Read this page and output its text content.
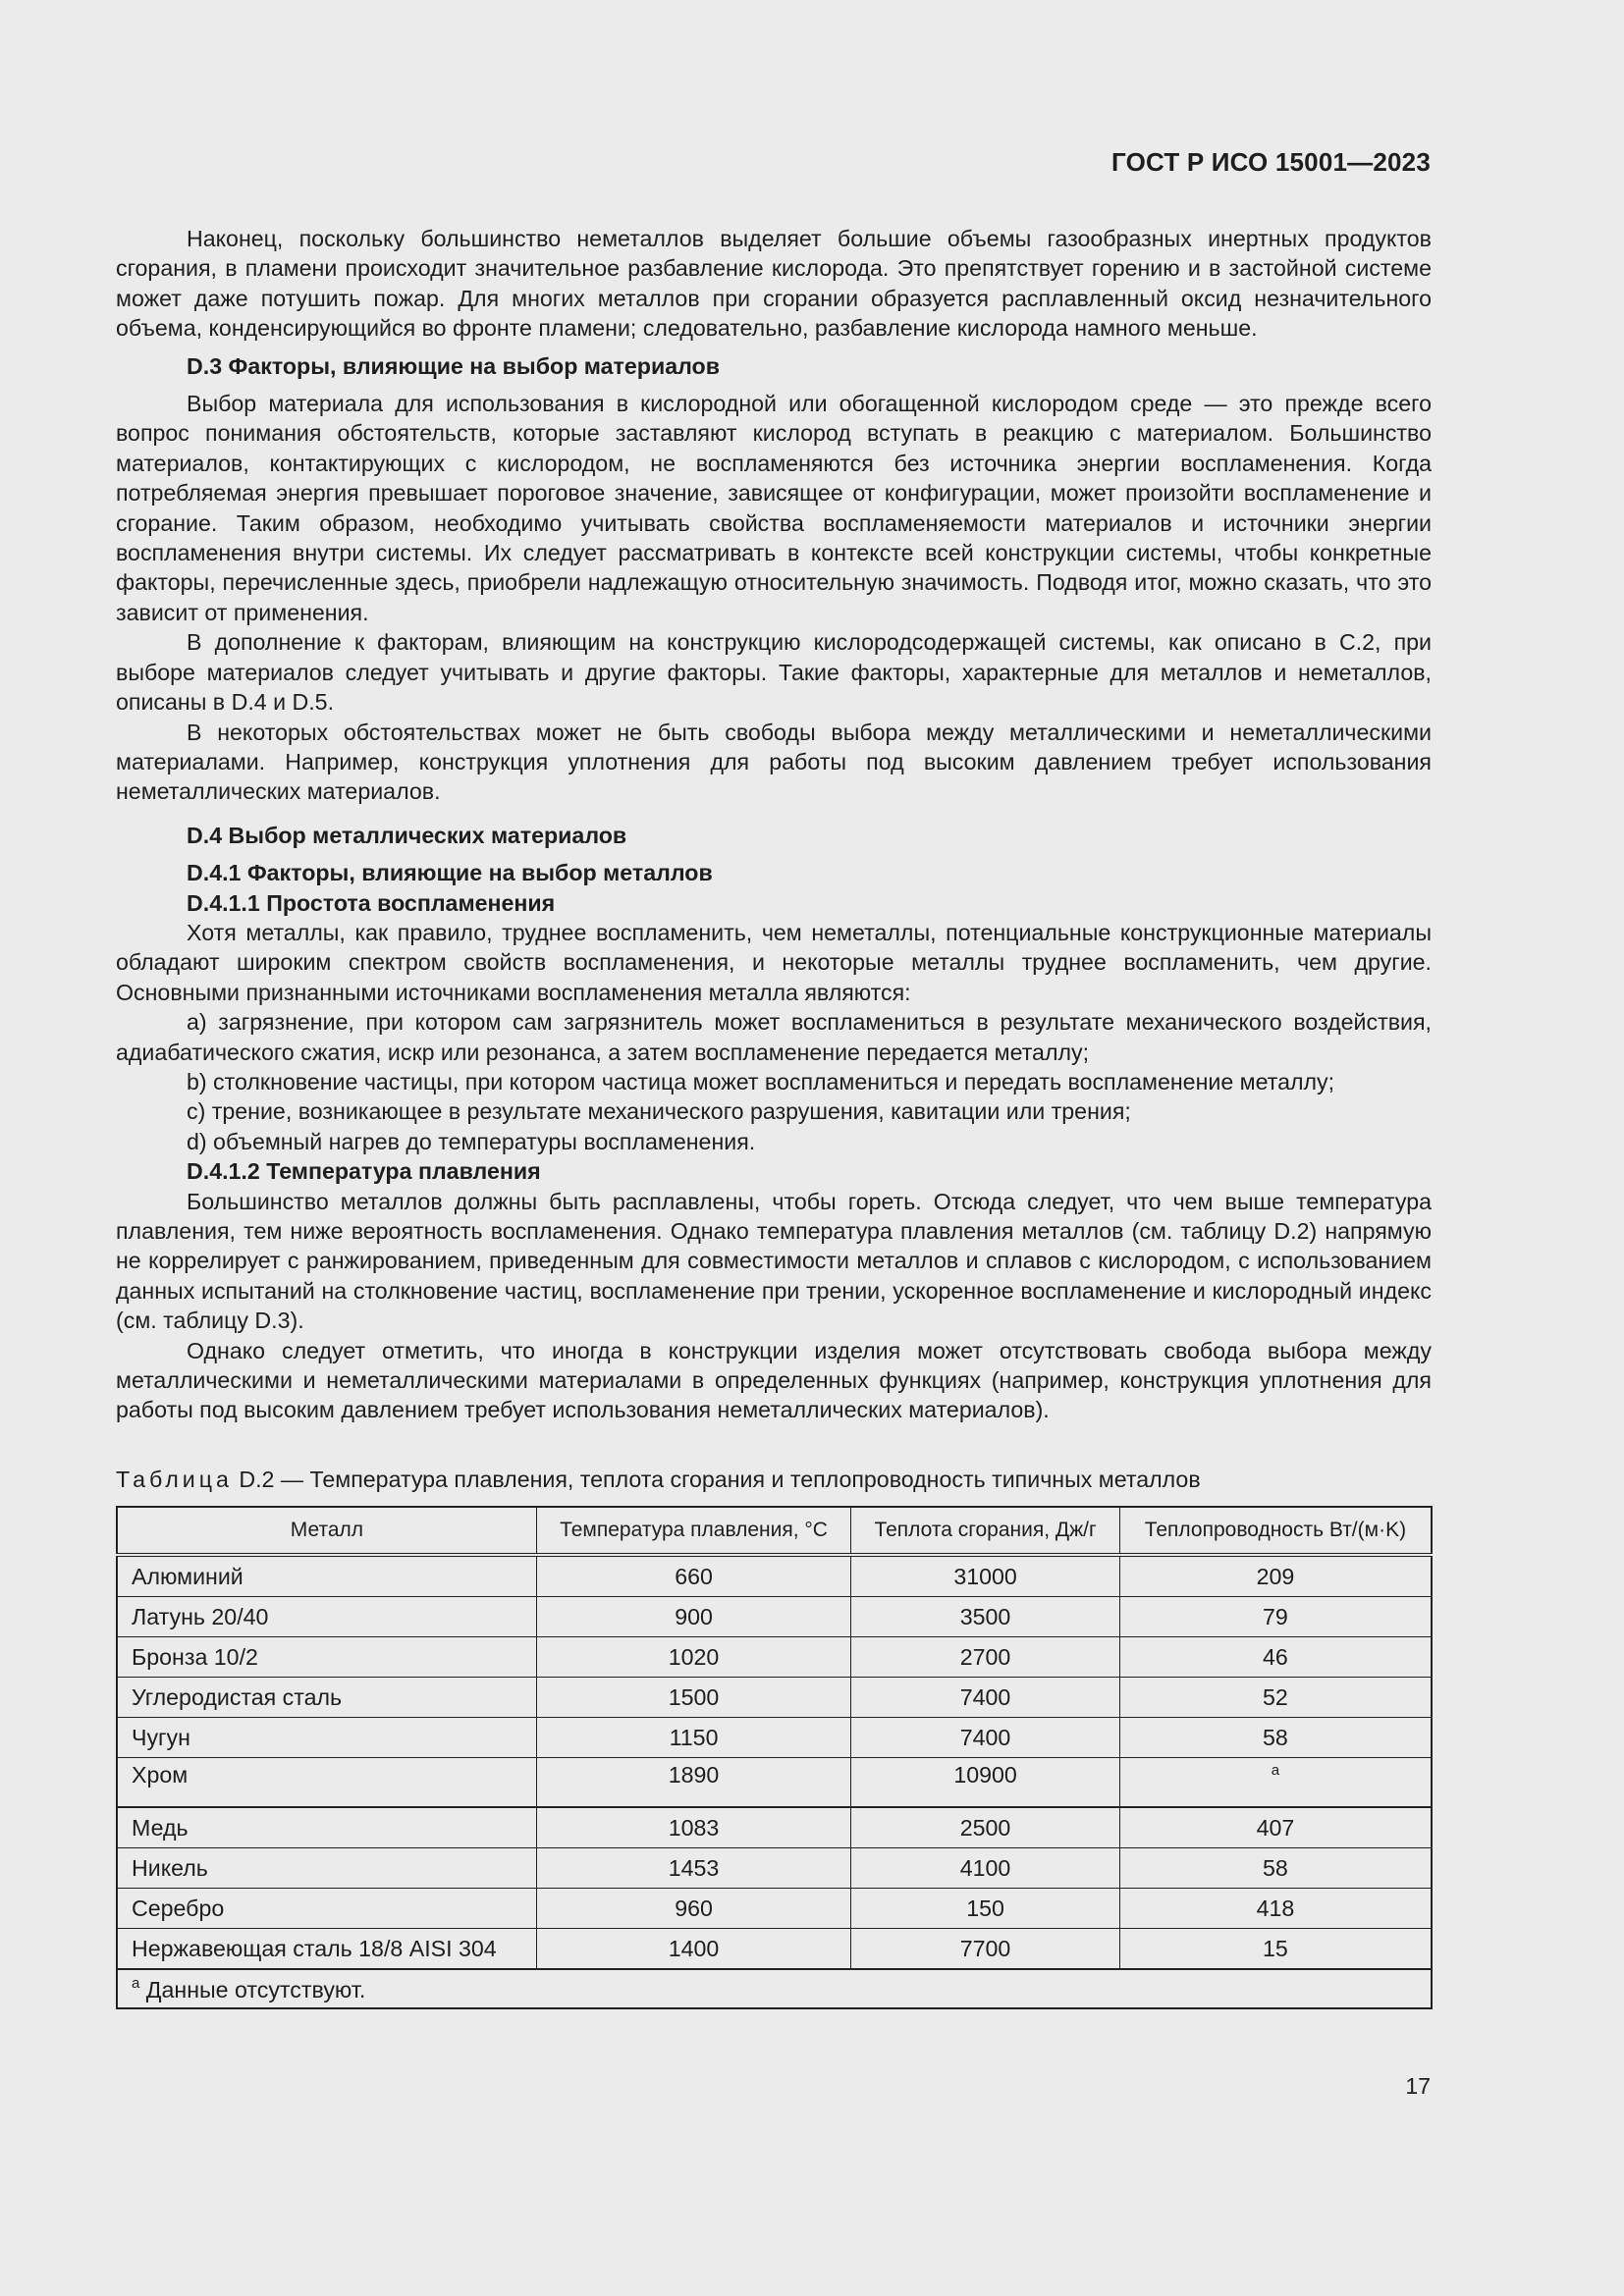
ГОСТ Р ИСО 15001—2023

Наконец, поскольку большинство неметаллов выделяет большие объемы газообразных инертных продуктов сгорания, в пламени происходит значительное разбавление кислорода. Это препятствует горению и в застойной системе может даже потушить пожар. Для многих металлов при сгорании образуется расплавленный оксид незначительного объема, конденсирующийся во фронте пламени; следовательно, разбавление кислорода намного меньше.

D.3 Факторы, влияющие на выбор материалов

Выбор материала для использования в кислородной или обогащенной кислородом среде — это прежде всего вопрос понимания обстоятельств, которые заставляют кислород вступать в реакцию с материалом. Большинство материалов, контактирующих с кислородом, не воспламеняются без источника энергии воспламенения. Когда потребляемая энергия превышает пороговое значение, зависящее от конфигурации, может произойти воспламенение и сгорание. Таким образом, необходимо учитывать свойства воспламеняемости материалов и источники энергии воспламенения внутри системы. Их следует рассматривать в контексте всей конструкции системы, чтобы конкретные факторы, перечисленные здесь, приобрели надлежащую относительную значимость. Подводя итог, можно сказать, что это зависит от применения.

В дополнение к факторам, влияющим на конструкцию кислородсодержащей системы, как описано в С.2, при выборе материалов следует учитывать и другие факторы. Такие факторы, характерные для металлов и неметаллов, описаны в D.4 и D.5.

В некоторых обстоятельствах может не быть свободы выбора между металлическими и неметаллическими материалами. Например, конструкция уплотнения для работы под высоким давлением требует использования неметаллических материалов.

D.4 Выбор металлических материалов
D.4.1 Факторы, влияющие на выбор металлов
D.4.1.1 Простота воспламенения

Хотя металлы, как правило, труднее воспламенить, чем неметаллы, потенциальные конструкционные материалы обладают широким спектром свойств воспламенения, и некоторые металлы труднее воспламенить, чем другие. Основными признанными источниками воспламенения металла являются:

a) загрязнение, при котором сам загрязнитель может воспламениться в результате механического воздействия, адиабатического сжатия, искр или резонанса, а затем воспламенение передается металлу;

b) столкновение частицы, при котором частица может воспламениться и передать воспламенение металлу;

c) трение, возникающее в результате механического разрушения, кавитации или трения;

d) объемный нагрев до температуры воспламенения.

D.4.1.2 Температура плавления

Большинство металлов должны быть расплавлены, чтобы гореть. Отсюда следует, что чем выше температура плавления, тем ниже вероятность воспламенения. Однако температура плавления металлов (см. таблицу D.2) напрямую не коррелирует с ранжированием, приведенным для совместимости металлов и сплавов с кислородом, с использованием данных испытаний на столкновение частиц, воспламенение при трении, ускоренное воспламенение и кислородный индекс (см. таблицу D.3).

Однако следует отметить, что иногда в конструкции изделия может отсутствовать свобода выбора между металлическими и неметаллическими материалами в определенных функциях (например, конструкция уплотнения для работы под высоким давлением требует использования неметаллических материалов).

Таблица D.2 — Температура плавления, теплота сгорания и теплопроводность типичных металлов
Металл	Температура плавления, °С	Теплота сгорания, Дж/г	Теплопроводность Вт/(м·K)
Алюминий	660	31000	209
Латунь 20/40	900	3500	79
Бронза 10/2	1020	2700	46
Углеродистая сталь	1500	7400	52
Чугун	1150	7400	58
Хром	1890	10900	$^a$
Медь	1083	2500	407
Никель	1453	4100	58
Серебро	960	150	418
Нержавеющая сталь 18/8 AISI 304	1400	7700	15
$^a$ Данные отсутствуют.			
17
